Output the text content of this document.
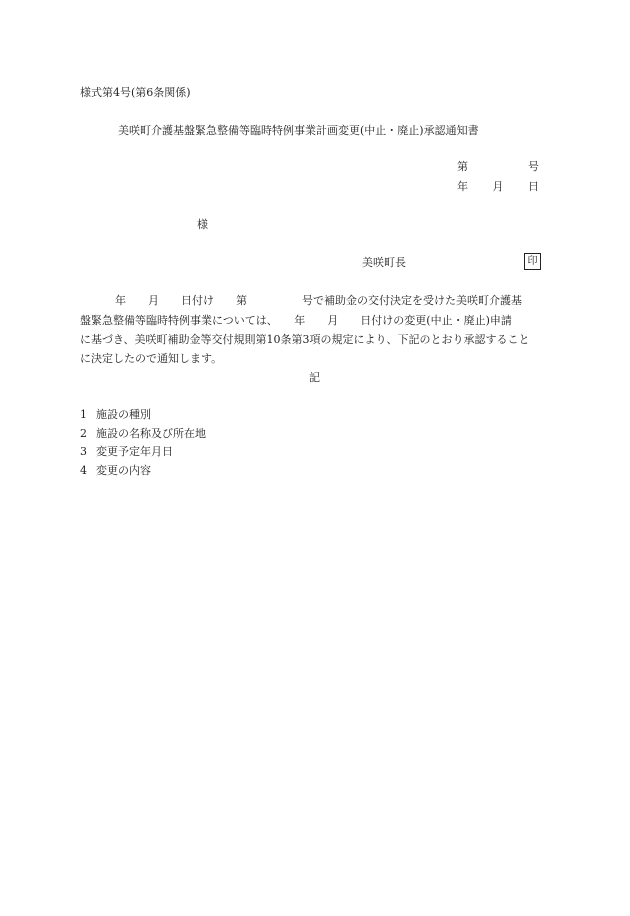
様式第4号(第6条関係)
美咲町介護基盤緊急整備等臨時特例事業計画変更(中止・廃止)承認通知書
第	号
年 月 日
様
美咲町長	印
年　　月　　日付け　　第　　　　　号で補助金の交付決定を受けた美咲町介護基
盤緊急整備等臨時特例事業については、　　年　　月　　日付けの変更(中止・廃止)申請
に基づき、美咲町補助金等交付規則第10条第3項の規定により、下記のとおり承認すること
に決定したので通知します。
記
1 施設の種別
2 施設の名称及び所在地
3 変更予定年月日
4 変更の内容
